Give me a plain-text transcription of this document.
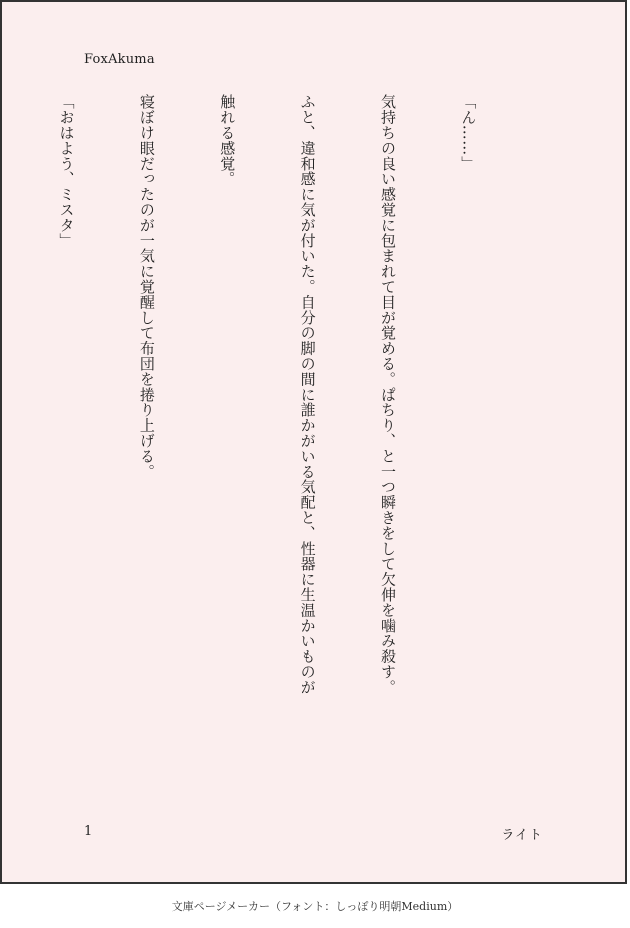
FoxAkuma

「ん……」

気持ちの良い感覚に包まれて目が覚める。ぱちり、と一つ瞬きをして欠伸を噛み殺す。

ふと、違和感に気が付いた。自分の脚の間に誰かがいる気配と、性器に生温かいものが

触れる感覚。

寝ぼけ眼だったのが一気に覚醒して布団を捲り上げる。

「おはよう、ミスタ」

1	ライト
文庫ページメーカー（フォント：しっぽり明朝Medium）
